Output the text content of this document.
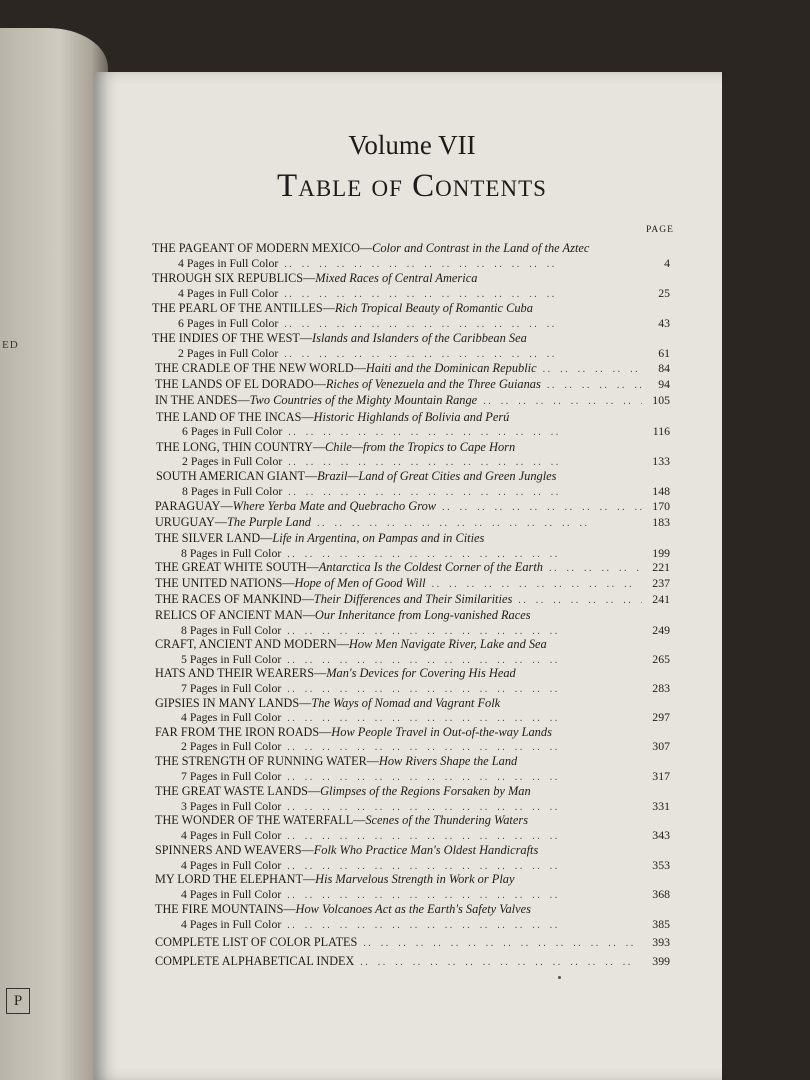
ED
P
Volume VII
Table of Contents
PAGE
THE PAGEANT OF MODERN MEXICO — Color and Contrast in the Land of the Aztec
4 Pages in Full Color . .	4
THROUGH SIX REPUBLICS — Mixed Races of Central America
4 Pages in Full Color . .	25
THE PEARL OF THE ANTILLES — Rich Tropical Beauty of Romantic Cuba
6 Pages in Full Color . .	43
THE INDIES OF THE WEST — Islands and Islanders of the Caribbean Sea
2 Pages in Full Color . .	61
THE CRADLE OF THE NEW WORLD — Haiti and the Dominican Republic . .	84
THE LANDS OF EL DORADO — Riches of Venezuela and the Three Guianas . .	94
IN THE ANDES — Two Countries of the Mighty Mountain Range . .	105
THE LAND OF THE INCAS — Historic Highlands of Bolivia and Perú
6 Pages in Full Color . .	116
THE LONG, THIN COUNTRY — Chile—from the Tropics to Cape Horn
2 Pages in Full Color . .	133
SOUTH AMERICAN GIANT — Brazil—Land of Great Cities and Green Jungles
8 Pages in Full Color . .	148
PARAGUAY — Where Yerba Mate and Quebracho Grow . .	170
URUGUAY — The Purple Land . .	183
THE SILVER LAND — Life in Argentina, on Pampas and in Cities
8 Pages in Full Color . .	199
THE GREAT WHITE SOUTH — Antarctica Is the Coldest Corner of the Earth . .	221
THE UNITED NATIONS — Hope of Men of Good Will . .	237
THE RACES OF MANKIND — Their Differences and Their Similarities . .	241
RELICS OF ANCIENT MAN — Our Inheritance from Long-vanished Races
8 Pages in Full Color . .	249
CRAFT, ANCIENT AND MODERN — How Men Navigate River, Lake and Sea
5 Pages in Full Color . .	265
HATS AND THEIR WEARERS — Man's Devices for Covering His Head
7 Pages in Full Color . .	283
GIPSIES IN MANY LANDS — The Ways of Nomad and Vagrant Folk
4 Pages in Full Color . .	297
FAR FROM THE IRON ROADS — How People Travel in Out-of-the-way Lands
2 Pages in Full Color . .	307
THE STRENGTH OF RUNNING WATER — How Rivers Shape the Land
7 Pages in Full Color . .	317
THE GREAT WASTE LANDS — Glimpses of the Regions Forsaken by Man
3 Pages in Full Color . .	331
THE WONDER OF THE WATERFALL — Scenes of the Thundering Waters
4 Pages in Full Color . .	343
SPINNERS AND WEAVERS — Folk Who Practice Man's Oldest Handicrafts
4 Pages in Full Color . .	353
MY LORD THE ELEPHANT — His Marvelous Strength in Work or Play
4 Pages in Full Color . .	368
THE FIRE MOUNTAINS — How Volcanoes Act as the Earth's Safety Valves
4 Pages in Full Color . .	385
COMPLETE LIST OF COLOR PLATES . .	393
COMPLETE ALPHABETICAL INDEX . .	399
